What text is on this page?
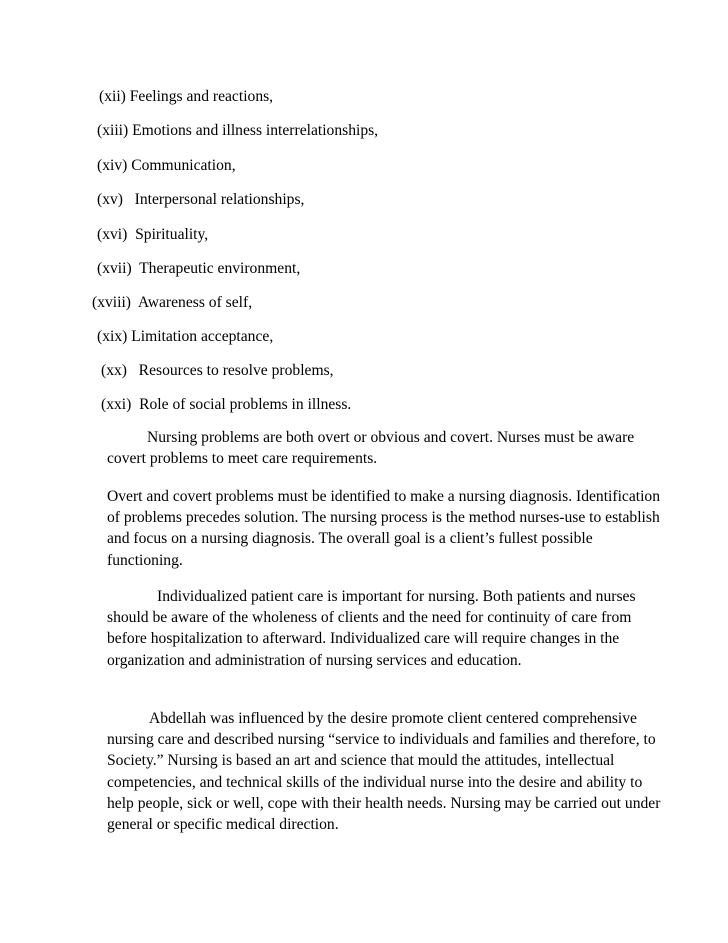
(xii) Feelings and reactions,
(xiii) Emotions and illness interrelationships,
(xiv) Communication,
(xv)   Interpersonal relationships,
(xvi)  Spirituality,
(xvii)  Therapeutic environment,
(xviii)  Awareness of self,
(xix) Limitation acceptance,
(xx)   Resources to resolve problems,
(xxi)  Role of social problems in illness.

Nursing problems are both overt or obvious and covert. Nurses must be aware covert problems to meet care requirements.

Overt and covert problems must be identified to make a nursing diagnosis. Identification of problems precedes solution. The nursing process is the method nurses-use to establish and focus on a nursing diagnosis. The overall goal is a client’s fullest possible functioning.

Individualized patient care is important for nursing. Both patients and nurses should be aware of the wholeness of clients and the need for continuity of care from before hospitalization to afterward. Individualized care will require changes in the organization and administration of nursing services and education.

Abdellah was influenced by the desire promote client centered comprehensive nursing care and described nursing “service to individuals and families and therefore, to Society.” Nursing is based an art and science that mould the attitudes, intellectual competencies, and technical skills of the individual nurse into the desire and ability to help people, sick or well, cope with their health needs. Nursing may be carried out under general or specific medical direction.
